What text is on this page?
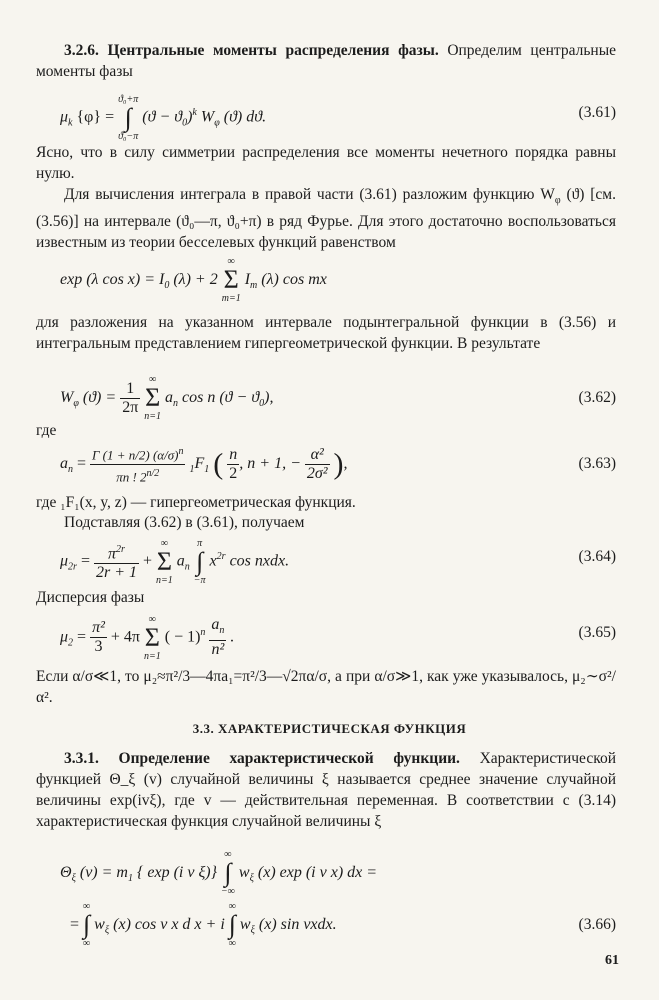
3.2.6. Центральные моменты распределения фазы. Определим центральные моменты фазы
$\mu_k$ {φ} =
ϑ₀+π
∫
ϑ₀−π
$(ϑ - ϑ_0)^k$ $W_\varphi$ (ϑ) dϑ.	(3.61)
Ясно, что в силу симметрии распределения все моменты нечетного порядка равны нулю.
Для вычисления интеграла в правой части (3.61) разложим функцию $W_\varphi$ (ϑ) [см. (3.56)] на интервале (ϑ₀—π, ϑ₀+π) в ряд Фурье. Для этого достаточно воспользоваться известным из теории бесселевых функций равенством
exp (λ $\cos x) = I_0$ (λ) + 2
∞
Σ
m=1
$I_m$ (λ) cos mx
для разложения на указанном интервале подынтегральной функции в (3.56) и интегральным представлением гипергеометрической функции. В результате
$W_\varphi$ $(ϑ) = \frac{1}{2\pi}$
∞
Σ
n=1
$a_n$ cos n $(ϑ - ϑ_0)$,	(3.62)
где
$a_n = \frac{\Gamma (1 + n/2) (\alpha/\sigma)^n}{\pi n ! 2^{n/2}} _1F_1$ ( $\frac{n}{2}$ , n + 1, − $\frac{\text{α²}}{\text{2σ²}}$ ),	(3.63)
где ₁F₁(x, y, z) — гипергеометрическая функция.
Подставляя (3.62) в (3.61), получаем
$\mu_{2r} = \frac{\pi^{2r}}{2r + 1}$ +
∞
Σ
n=1
$a_n$
π
∫
−π
$x^{2r}$ cos nxdx.	(3.64)
Дисперсия фазы
$\mu_2 = \frac{\text{π²}}{3} + 4\pi$
∞
Σ
n=1
( − $1)^n \frac{a_n}{\text{n²}}$ .	(3.65)
Если α/σ≪1, то μ₂≈π²/3—4πa₁=π²/3—√2πα/σ, а при α/σ≫1, как уже указывалось, μ₂∼σ²/α².
3.3. ХАРАКТЕРИСТИЧЕСКАЯ ФУНКЦИЯ
3.3.1. Определение характеристической функции. Характеристической функцией Θ_ξ (v) случайной величины ξ называется среднее значение случайной величины exp(ivξ), где v — действительная переменная. В соответствии с (3.14) характеристическая функция случайной величины ξ
$\Theta_\xi$ $(v) = m_1$ { exp (i v ξ)}
∞
∫
−∞
$w_\xi$ (x) exp (i v x) dx =
=
∞
∫
∞
$w_\xi$ (x) cos v x d x + i
∞
∫
∞
$w_\xi$ (x) sin vxdx.	(3.66)
61
